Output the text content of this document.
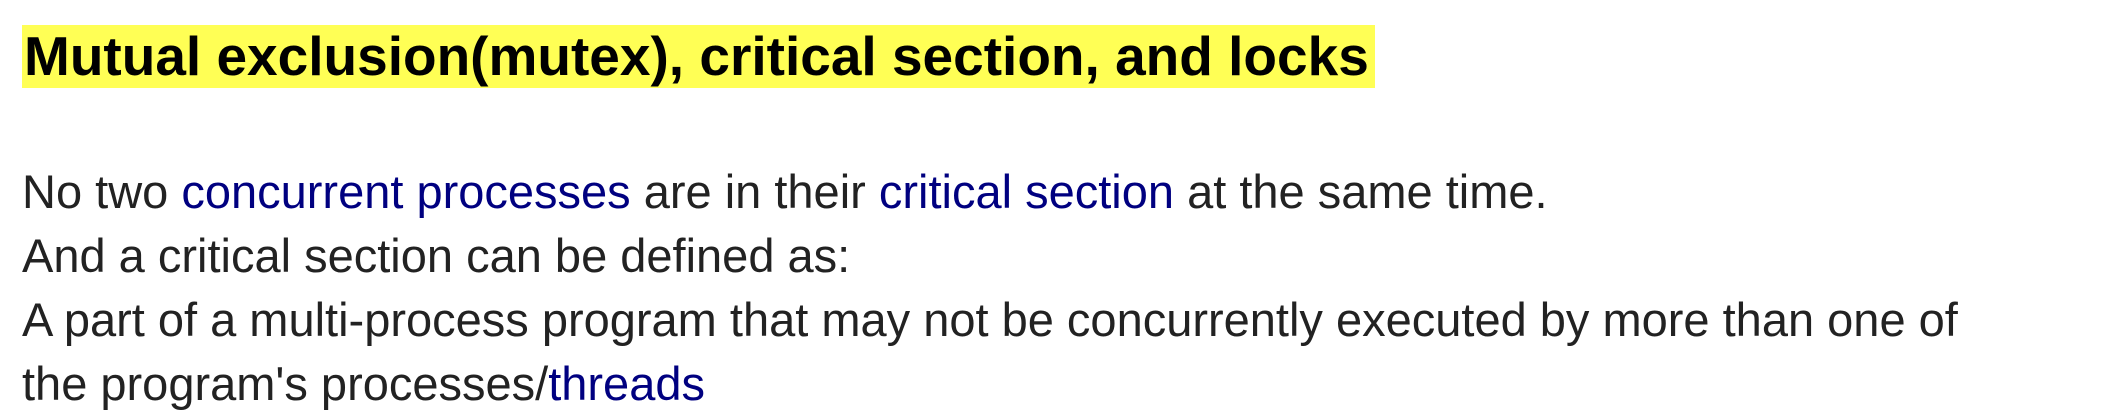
Mutual exclusion(mutex), critical section, and locks
No two concurrent processes are in their critical section at the same time.
And a critical section can be defined as:
A part of a multi-process program that may not be concurrently executed by more than one of
the program's processes/threads
